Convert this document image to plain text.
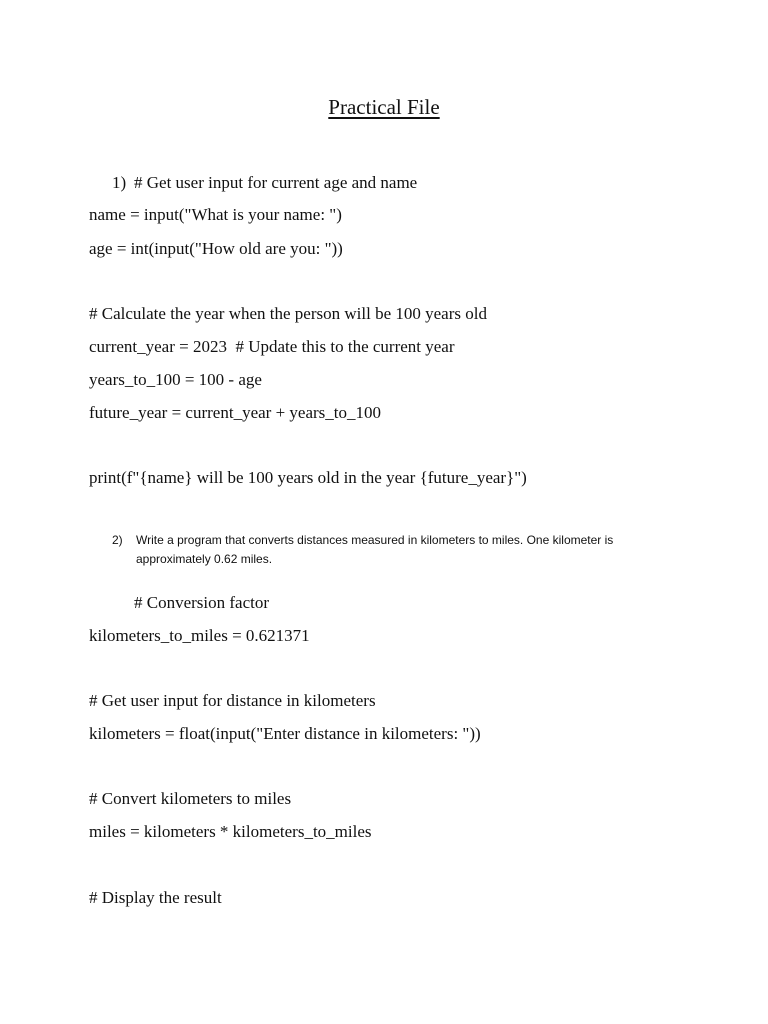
Practical File
1) # Get user input for current age and name
name = input("What is your name: ")
age = int(input("How old are you: "))
# Calculate the year when the person will be 100 years old
current_year = 2023  # Update this to the current year
years_to_100 = 100 - age
future_year = current_year + years_to_100
print(f"{name} will be 100 years old in the year {future_year}")
2) Write a program that converts distances measured in kilometers to miles. One kilometer is
approximately 0.62 miles.
# Conversion factor
kilometers_to_miles = 0.621371
# Get user input for distance in kilometers
kilometers = float(input("Enter distance in kilometers: "))
# Convert kilometers to miles
miles = kilometers * kilometers_to_miles
# Display the result
